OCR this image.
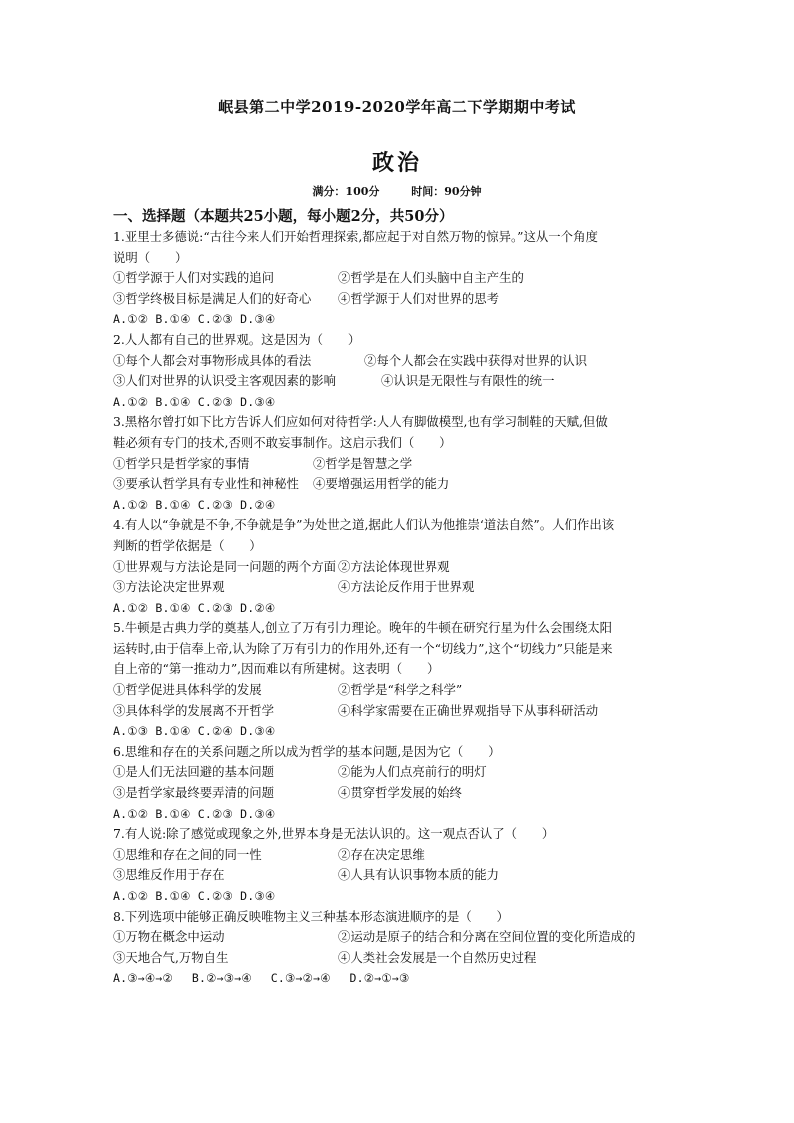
岷县第二中学2019-2020学年高二下学期期中考试
政治
满分：100分	时间：90分钟
一、选择题（本题共25小题，每小题2分，共50分）
1.亚里士多德说:“古往今来人们开始哲理探索,都应起于对自然万物的惊异。”这从一个角度
说明（　　）
①哲学源于人们对实践的追问	②哲学是在人们头脑中自主产生的
③哲学终极目标是满足人们的好奇心	④哲学源于人们对世界的思考
A.①② B.①④ C.②③ D.③④
2.人人都有自己的世界观。这是因为（　　）
①每个人都会对事物形成具体的看法	②每个人都会在实践中获得对世界的认识
③人们对世界的认识受主客观因素的影响	④认识是无限性与有限性的统一
A.①② B.①④ C.②③ D.③④
3.黑格尔曾打如下比方告诉人们应如何对待哲学:人人有脚做模型,也有学习制鞋的天赋,但做
鞋必须有专门的技术,否则不敢妄事制作。这启示我们（　　）
①哲学只是哲学家的事情	②哲学是智慧之学
③要承认哲学具有专业性和神秘性	④要增强运用哲学的能力
A.①② B.①④ C.②③ D.②④
4.有人以“争就是不争,不争就是争”为处世之道,据此人们认为他推崇‘道法自然”。人们作出该
判断的哲学依据是（　　）
①世界观与方法论是同一问题的两个方面 ②方法论体现世界观
③方法论决定世界观	④方法论反作用于世界观
A.①② B.①④ C.②③ D.②④
5.牛顿是古典力学的奠基人,创立了万有引力理论。晚年的牛顿在研究行星为什么会围绕太阳
运转时,由于信奉上帝,认为除了万有引力的作用外,还有一个“切线力”,这个“切线力”只能是来
自上帝的“第一推动力”,因而难以有所建树。这表明（　　）
①哲学促进具体科学的发展	②哲学是“科学之科学”
③具体科学的发展离不开哲学	④科学家需要在正确世界观指导下从事科研活动
A.①③ B.①④ C.②④ D.③④
6.思维和存在的关系问题之所以成为哲学的基本问题,是因为它（　　）
①是人们无法回避的基本问题	②能为人们点亮前行的明灯
③是哲学家最终要弄清的问题	④贯穿哲学发展的始终
A.①② B.①④ C.②③ D.③④
7.有人说:除了感觉或现象之外,世界本身是无法认识的。这一观点否认了（　　）
①思维和存在之间的同一性	②存在决定思维
③思维反作用于存在	④人具有认识事物本质的能力
A.①② B.①④ C.②③ D.③④
8.下列选项中能够正确反映唯物主义三种基本形态演进顺序的是（　　）
①万物在概念中运动	②运动是原子的结合和分离在空间位置的变化所造成的
③天地合气,万物自生	④人类社会发展是一个自然历史过程
A.③→④→②　 B.②→③→④　 C.③→②→④　 D.②→①→③
